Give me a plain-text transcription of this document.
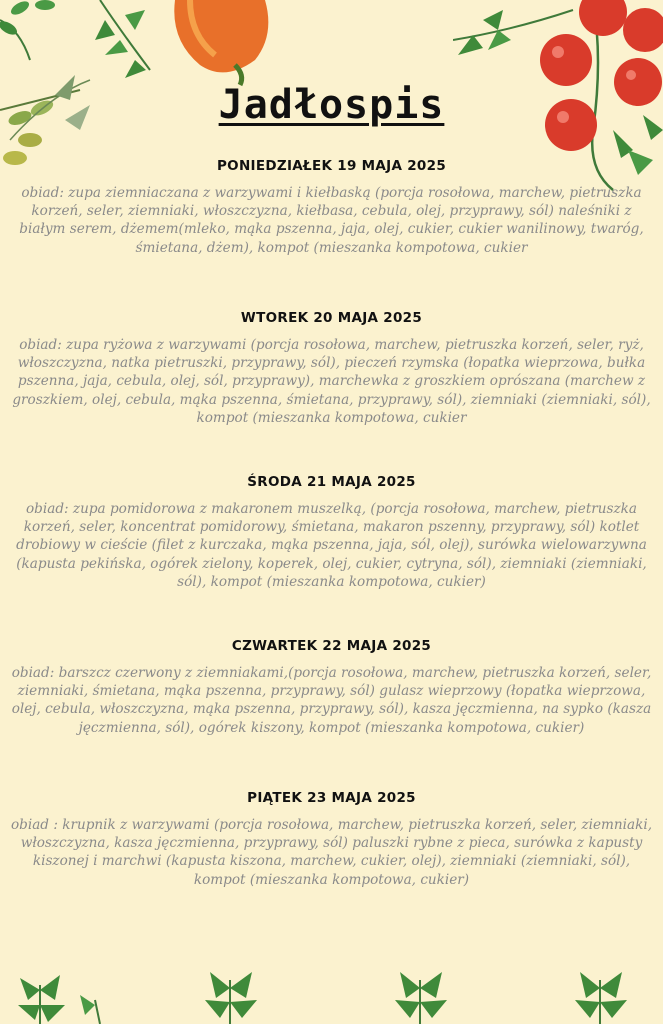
Jadłospis
PONIEDZIAŁEK 19 MAJA 2025
obiad: zupa ziemniaczana z warzywami i kiełbaską (porcja rosołowa, marchew, pietruszka korzeń, seler, ziemniaki, włoszczyzna, kiełbasa, cebula, olej, przyprawy, sól) naleśniki z białym serem, dżemem(mleko, mąka pszenna, jaja, olej, cukier, cukier wanilinowy, twaróg, śmietana, dżem), kompot (mieszanka kompotowa, cukier
WTOREK 20 MAJA 2025
obiad: zupa ryżowa z warzywami (porcja rosołowa, marchew, pietruszka korzeń, seler, ryż, włoszczyzna, natka pietruszki, przyprawy, sól), pieczeń rzymska (łopatka wieprzowa, bułka pszenna, jaja, cebula, olej, sól, przyprawy), marchewka z groszkiem oprószana (marchew z groszkiem, olej, cebula, mąka pszenna, śmietana, przyprawy, sól), ziemniaki (ziemniaki, sól), kompot (mieszanka kompotowa, cukier
ŚRODA 21 MAJA 2025
obiad: zupa pomidorowa z makaronem muszelką, (porcja rosołowa, marchew, pietruszka korzeń, seler, koncentrat pomidorowy, śmietana, makaron pszenny, przyprawy, sól) kotlet drobiowy w cieście (filet z kurczaka, mąka pszenna, jaja, sól, olej), surówka wielowarzywna (kapusta pekińska, ogórek zielony, koperek, olej, cukier, cytryna, sól), ziemniaki (ziemniaki, sól), kompot (mieszanka kompotowa, cukier)
CZWARTEK 22 MAJA 2025
obiad: barszcz czerwony z ziemniakami,(porcja rosołowa, marchew, pietruszka korzeń, seler, ziemniaki, śmietana, mąka pszenna, przyprawy, sól) gulasz wieprzowy (łopatka wieprzowa, olej, cebula, włoszczyzna, mąka pszenna, przyprawy, sól), kasza jęczmienna, na sypko (kasza jęczmienna, sól), ogórek kiszony, kompot (mieszanka kompotowa, cukier)
PIĄTEK 23 MAJA 2025
obiad : krupnik z warzywami (porcja rosołowa, marchew, pietruszka korzeń, seler, ziemniaki, włoszczyzna, kasza jęczmienna, przyprawy, sól) paluszki rybne z pieca, surówka z kapusty kiszonej i marchwi (kapusta kiszona, marchew, cukier, olej), ziemniaki (ziemniaki, sól), kompot (mieszanka kompotowa, cukier)
